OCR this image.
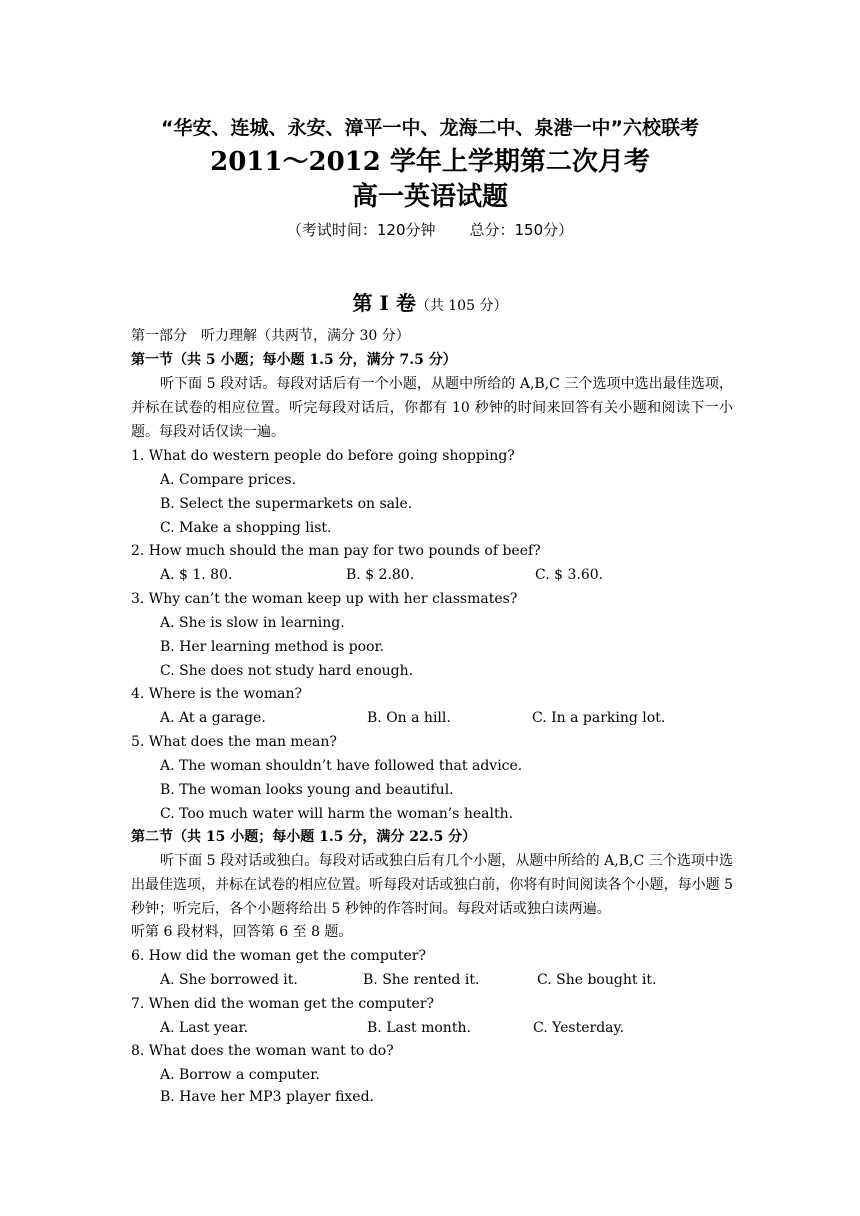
“华安、连城、永安、漳平一中、龙海二中、泉港一中”六校联考
2011～2012 学年上学期第二次月考
高一英语试题
（考试时间：120分钟 总分：150分）
第 I 卷（共 105 分）
第一部分　听力理解（共两节，满分 30 分）
第一节（共 5 小题；每小题 1.5 分，满分 7.5 分）
听下面 5 段对话。每段对话后有一个小题，从题中所给的 A,B,C 三个选项中选出最佳选项，并标在试卷的相应位置。听完每段对话后，你都有 10 秒钟的时间来回答有关小题和阅读下一小题。每段对话仅读一遍。
1. What do western people do before going shopping?
A. Compare prices.
B. Select the supermarkets on sale.
C. Make a shopping list.
2. How much should the man pay for two pounds of beef?
A. $ 1. 80.	B. $ 2.80.	C. $ 3.60.
3. Why can’t the woman keep up with her classmates?
A. She is slow in learning.
B. Her learning method is poor.
C. She does not study hard enough.
4. Where is the woman?
A. At a garage.	B. On a hill.	C. In a parking lot.
5. What does the man mean?
A. The woman shouldn’t have followed that advice.
B. The woman looks young and beautiful.
C. Too much water will harm the woman’s health.
第二节（共 15 小题；每小题 1.5 分，满分 22.5 分）
听下面 5 段对话或独白。每段对话或独白后有几个小题，从题中所给的 A,B,C 三个选项中选出最佳选项，并标在试卷的相应位置。听每段对话或独白前，你将有时间阅读各个小题，每小题 5 秒钟；听完后，各个小题将给出 5 秒钟的作答时间。每段对话或独白读两遍。
听第 6 段材料，回答第 6 至 8 题。
6. How did the woman get the computer?
A. She borrowed it.	B. She rented it.	C. She bought it.
7. When did the woman get the computer?
A. Last year.	B. Last month.	C. Yesterday.
8. What does the woman want to do?
A. Borrow a computer.
B. Have her MP3 player fixed.
